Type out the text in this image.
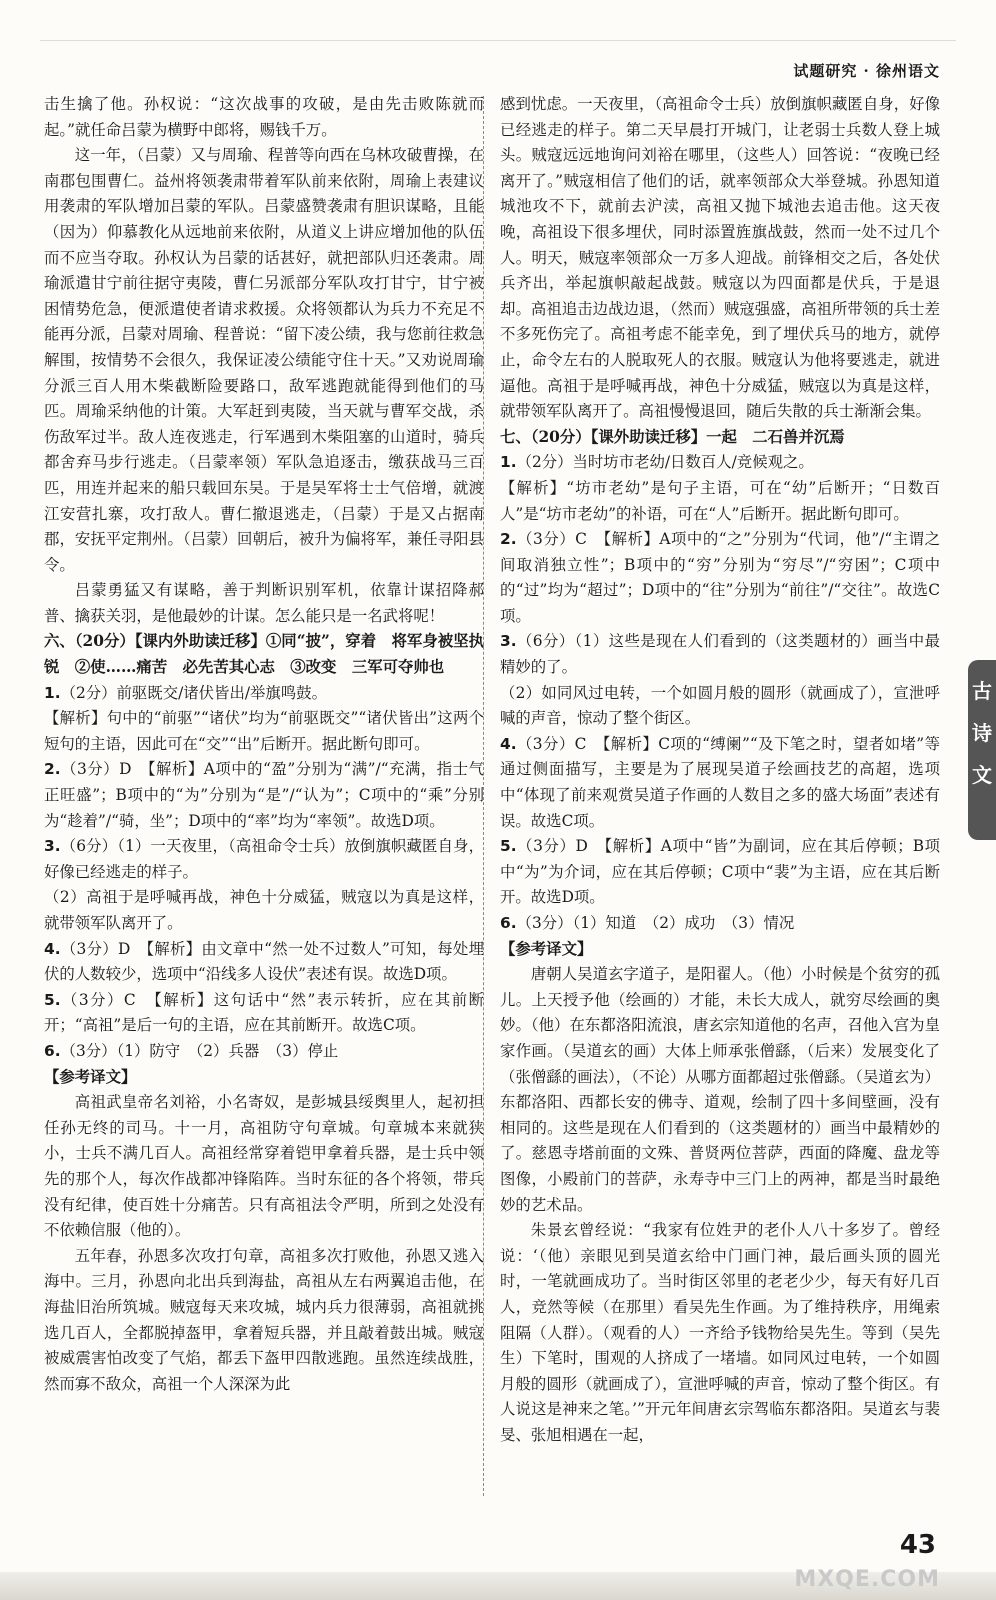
试题研究 · 徐州语文

击生擒了他。孙权说：“这次战事的攻破，是由先击败陈就而起。”就任命吕蒙为横野中郎将，赐钱千万。

这一年，（吕蒙）又与周瑜、程普等向西在乌林攻破曹操，在南郡包围曹仁。益州将领袭肃带着军队前来依附，周瑜上表建议用袭肃的军队增加吕蒙的军队。吕蒙盛赞袭肃有胆识谋略，且能（因为）仰慕教化从远地前来依附，从道义上讲应增加他的队伍而不应当夺取。孙权认为吕蒙的话甚好，就把部队归还袭肃。周瑜派遣甘宁前往据守夷陵，曹仁另派部分军队攻打甘宁，甘宁被困情势危急，便派遣使者请求救援。众将领都认为兵力不充足不能再分派，吕蒙对周瑜、程普说：“留下凌公绩，我与您前往救急解围，按情势不会很久，我保证凌公绩能守住十天。”又劝说周瑜分派三百人用木柴截断险要路口，敌军逃跑就能得到他们的马匹。周瑜采纳他的计策。大军赶到夷陵，当天就与曹军交战，杀伤敌军过半。敌人连夜逃走，行军遇到木柴阻塞的山道时，骑兵都舍弃马步行逃走。（吕蒙率领）军队急追逐击，缴获战马三百匹，用连并起来的船只载回东吴。于是吴军将士士气倍增，就渡江安营扎寨，攻打敌人。曹仁撤退逃走，（吕蒙）于是又占据南郡，安抚平定荆州。（吕蒙）回朝后，被升为偏将军，兼任寻阳县令。

吕蒙勇猛又有谋略，善于判断识别军机，依靠计谋招降郝普、擒获关羽，是他最妙的计谋。怎么能只是一名武将呢！

六、（20分）【课内外助读迁移】①同“披”，穿着　将军身被坚执锐　②使……痛苦　必先苦其心志　③改变　三军可夺帅也

1.（2分）前驱既交/诸伏皆出/举旗鸣鼓。

【解析】句中的“前驱”“诸伏”均为“前驱既交”“诸伏皆出”这两个短句的主语，因此可在“交”“出”后断开。据此断句即可。

2.（3分）D　【解析】A项中的“盈”分别为“满”/“充满，指士气正旺盛”；B项中的“为”分别为“是”/“认为”；C项中的“乘”分别为“趁着”/“骑，坐”；D项中的“率”均为“率领”。故选D项。

3.（6分）（1）一天夜里，（高祖命令士兵）放倒旗帜藏匿自身，好像已经逃走的样子。

（2）高祖于是呼喊再战，神色十分威猛，贼寇以为真是这样，就带领军队离开了。

4.（3分）D　【解析】由文章中“然一处不过数人”可知，每处埋伏的人数较少，选项中“沿线多人设伏”表述有误。故选D项。

5.（3分）C　【解析】这句话中“然”表示转折，应在其前断开；“高祖”是后一句的主语，应在其前断开。故选C项。

6.（3分）（1）防守　（2）兵器　（3）停止

【参考译文】

高祖武皇帝名刘裕，小名寄奴，是彭城县绥舆里人，起初担任孙无终的司马。十一月，高祖防守句章城。句章城本来就狭小，士兵不满几百人。高祖经常穿着铠甲拿着兵器，是士兵中领先的那个人，每次作战都冲锋陷阵。当时东征的各个将领，带兵没有纪律，使百姓十分痛苦。只有高祖法令严明，所到之处没有不依赖信服（他的）。

五年春，孙恩多次攻打句章，高祖多次打败他，孙恩又逃入海中。三月，孙恩向北出兵到海盐，高祖从左右两翼追击他，在海盐旧治所筑城。贼寇每天来攻城，城内兵力很薄弱，高祖就挑选几百人，全都脱掉盔甲，拿着短兵器，并且敲着鼓出城。贼寇被威震害怕改变了气焰，都丢下盔甲四散逃跑。虽然连续战胜，然而寡不敌众，高祖一个人深深为此

感到忧虑。一天夜里，（高祖命令士兵）放倒旗帜藏匿自身，好像已经逃走的样子。第二天早晨打开城门，让老弱士兵数人登上城头。贼寇远远地询问刘裕在哪里，（这些人）回答说：“夜晚已经离开了。”贼寇相信了他们的话，就率领部众大举登城。孙恩知道城池攻不下，就前去沪渎，高祖又抛下城池去追击他。这天夜晚，高祖设下很多埋伏，同时添置旌旗战鼓，然而一处不过几个人。明天，贼寇率领部众一万多人迎战。前锋相交之后，各处伏兵齐出，举起旗帜敲起战鼓。贼寇以为四面都是伏兵，于是退却。高祖追击边战边退，（然而）贼寇强盛，高祖所带领的兵士差不多死伤完了。高祖考虑不能幸免，到了埋伏兵马的地方，就停止，命令左右的人脱取死人的衣服。贼寇认为他将要逃走，就进逼他。高祖于是呼喊再战，神色十分威猛，贼寇以为真是这样，就带领军队离开了。高祖慢慢退回，随后失散的兵士渐渐会集。

七、（20分）【课外助读迁移】一起　二石兽并沉焉

1.（2分）当时坊市老幼/日数百人/竞候观之。

【解析】“坊市老幼”是句子主语，可在“幼”后断开；“日数百人”是“坊市老幼”的补语，可在“人”后断开。据此断句即可。

2.（3分）C　【解析】A项中的“之”分别为“代词，他”/“主谓之间取消独立性”；B项中的“穷”分别为“穷尽”/“穷困”；C项中的“过”均为“超过”；D项中的“往”分别为“前往”/“交往”。故选C项。

3.（6分）（1）这些是现在人们看到的（这类题材的）画当中最精妙的了。

（2）如同风过电转，一个如圆月般的圆形（就画成了），宣泄呼喊的声音，惊动了整个街区。

4.（3分）C　【解析】C项的“缚阑”“及下笔之时，望者如堵”等通过侧面描写，主要是为了展现吴道子绘画技艺的高超，选项中“体现了前来观赏吴道子作画的人数目之多的盛大场面”表述有误。故选C项。

5.（3分）D　【解析】A项中“皆”为副词，应在其后停顿；B项中“为”为介词，应在其后停顿；C项中“裴”为主语，应在其后断开。故选D项。

6.（3分）（1）知道　（2）成功　（3）情况

【参考译文】

唐朝人吴道玄字道子，是阳翟人。（他）小时候是个贫穷的孤儿。上天授予他（绘画的）才能，未长大成人，就穷尽绘画的奥妙。（他）在东都洛阳流浪，唐玄宗知道他的名声，召他入宫为皇家作画。（吴道玄的画）大体上师承张僧繇，（后来）发展变化了（张僧繇的画法），（不论）从哪方面都超过张僧繇。（吴道玄为）东都洛阳、西都长安的佛寺、道观，绘制了四十多间壁画，没有相同的。这些是现在人们看到的（这类题材的）画当中最精妙的了。慈恩寺塔前面的文殊、普贤两位菩萨，西面的降魔、盘龙等图像，小殿前门的菩萨，永寿寺中三门上的两神，都是当时最绝妙的艺术品。

朱景玄曾经说：“我家有位姓尹的老仆人八十多岁了。曾经说：‘（他）亲眼见到吴道玄给中门画门神，最后画头顶的圆光时，一笔就画成功了。当时街区邻里的老老少少，每天有好几百人，竞然等候（在那里）看吴先生作画。为了维持秩序，用绳索阻隔（人群）。（观看的人）一齐给予钱物给吴先生。等到（吴先生）下笔时，围观的人挤成了一堵墙。如同风过电转，一个如圆月般的圆形（就画成了），宣泄呼喊的声音，惊动了整个街区。有人说这是神来之笔。’”开元年间唐玄宗驾临东都洛阳。吴道玄与裴旻、张旭相遇在一起，

古
诗
文
43
MXQE.COM
